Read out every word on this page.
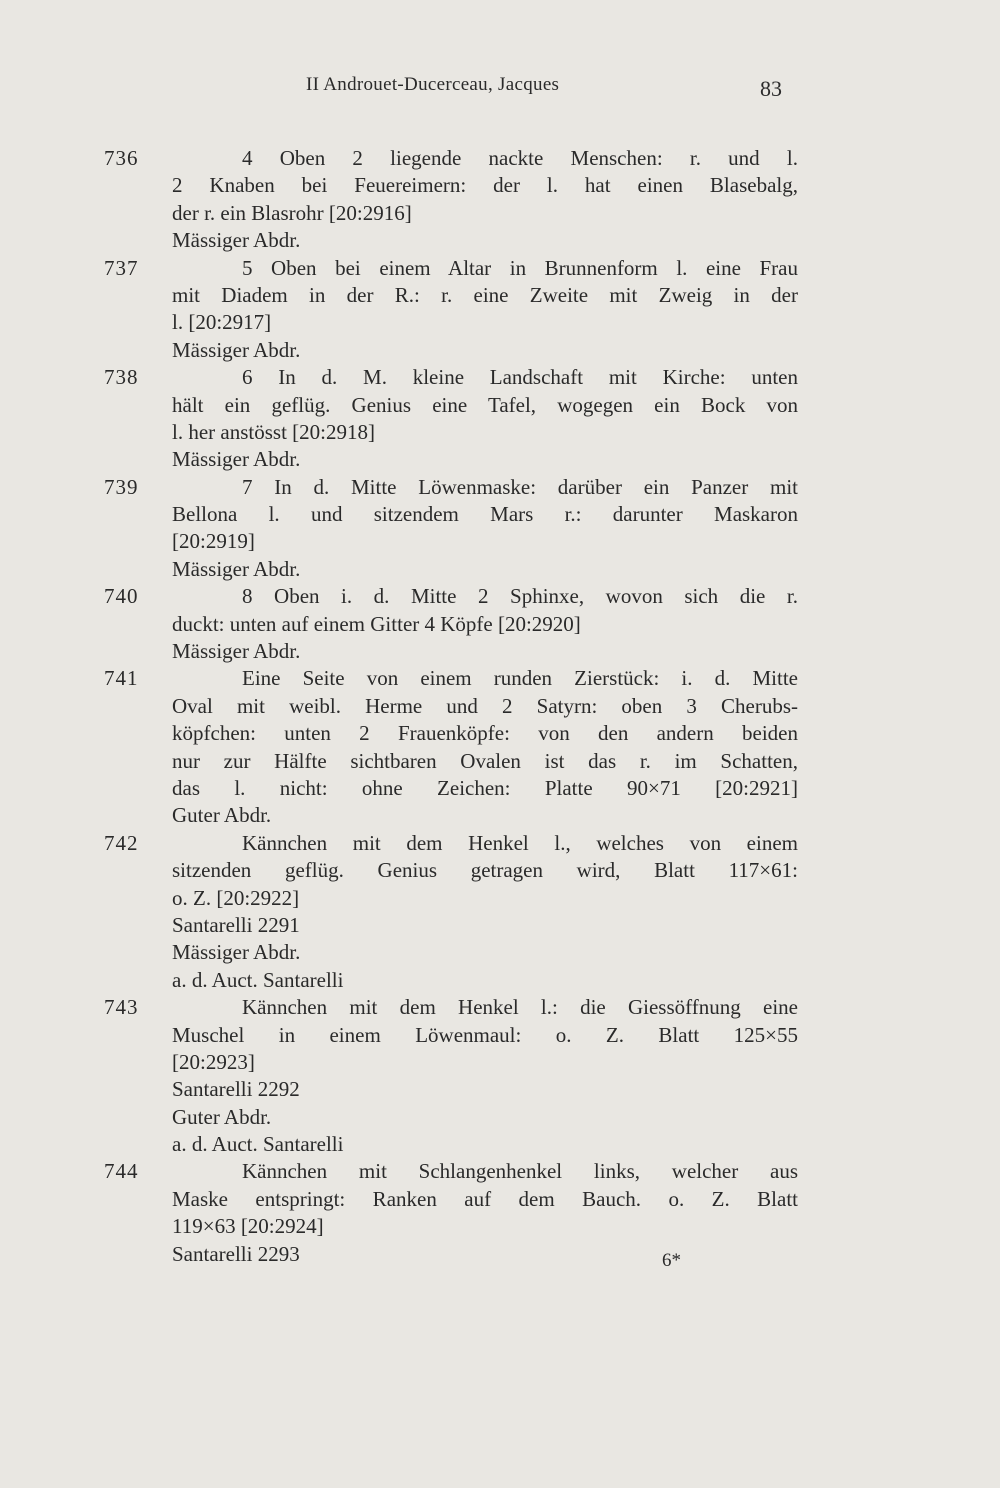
II Androuet-Ducerceau, Jacques	83
736	4 Oben 2 liegende nackte Menschen: r. und l.
2 Knaben bei Feuereimern: der l. hat einen Blasebalg,
der r. ein Blasrohr [20:2916]
Mässiger Abdr.
737	5 Oben bei einem Altar in Brunnenform l. eine Frau
mit Diadem in der R.: r. eine Zweite mit Zweig in der
l. [20:2917]
Mässiger Abdr.
738	6 In d. M. kleine Landschaft mit Kirche: unten
hält ein geflüg. Genius eine Tafel, wogegen ein Bock von
l. her anstösst [20:2918]
Mässiger Abdr.
739	7 In d. Mitte Löwenmaske: darüber ein Panzer mit
Bellona l. und sitzendem Mars r.: darunter Maskaron
[20:2919]
Mässiger Abdr.
740	8 Oben i. d. Mitte 2 Sphinxe, wovon sich die r.
duckt: unten auf einem Gitter 4 Köpfe [20:2920]
Mässiger Abdr.
741	Eine Seite von einem runden Zierstück: i. d. Mitte
Oval mit weibl. Herme und 2 Satyrn: oben 3 Cherubs-
köpfchen: unten 2 Frauenköpfe: von den andern beiden
nur zur Hälfte sichtbaren Ovalen ist das r. im Schatten,
das l. nicht: ohne Zeichen: Platte 90×71 [20:2921]
Guter Abdr.
742	Kännchen mit dem Henkel l., welches von einem
sitzenden geflüg. Genius getragen wird, Blatt 117×61:
o. Z. [20:2922]
Santarelli 2291
Mässiger Abdr.
a. d. Auct. Santarelli
743	Kännchen mit dem Henkel l.: die Giessöffnung eine
Muschel in einem Löwenmaul: o. Z. Blatt 125×55
[20:2923]
Santarelli 2292
Guter Abdr.
a. d. Auct. Santarelli
744	Kännchen mit Schlangenhenkel links, welcher aus
Maske entspringt: Ranken auf dem Bauch. o. Z. Blatt
119×63 [20:2924]
Santarelli 2293	6*
